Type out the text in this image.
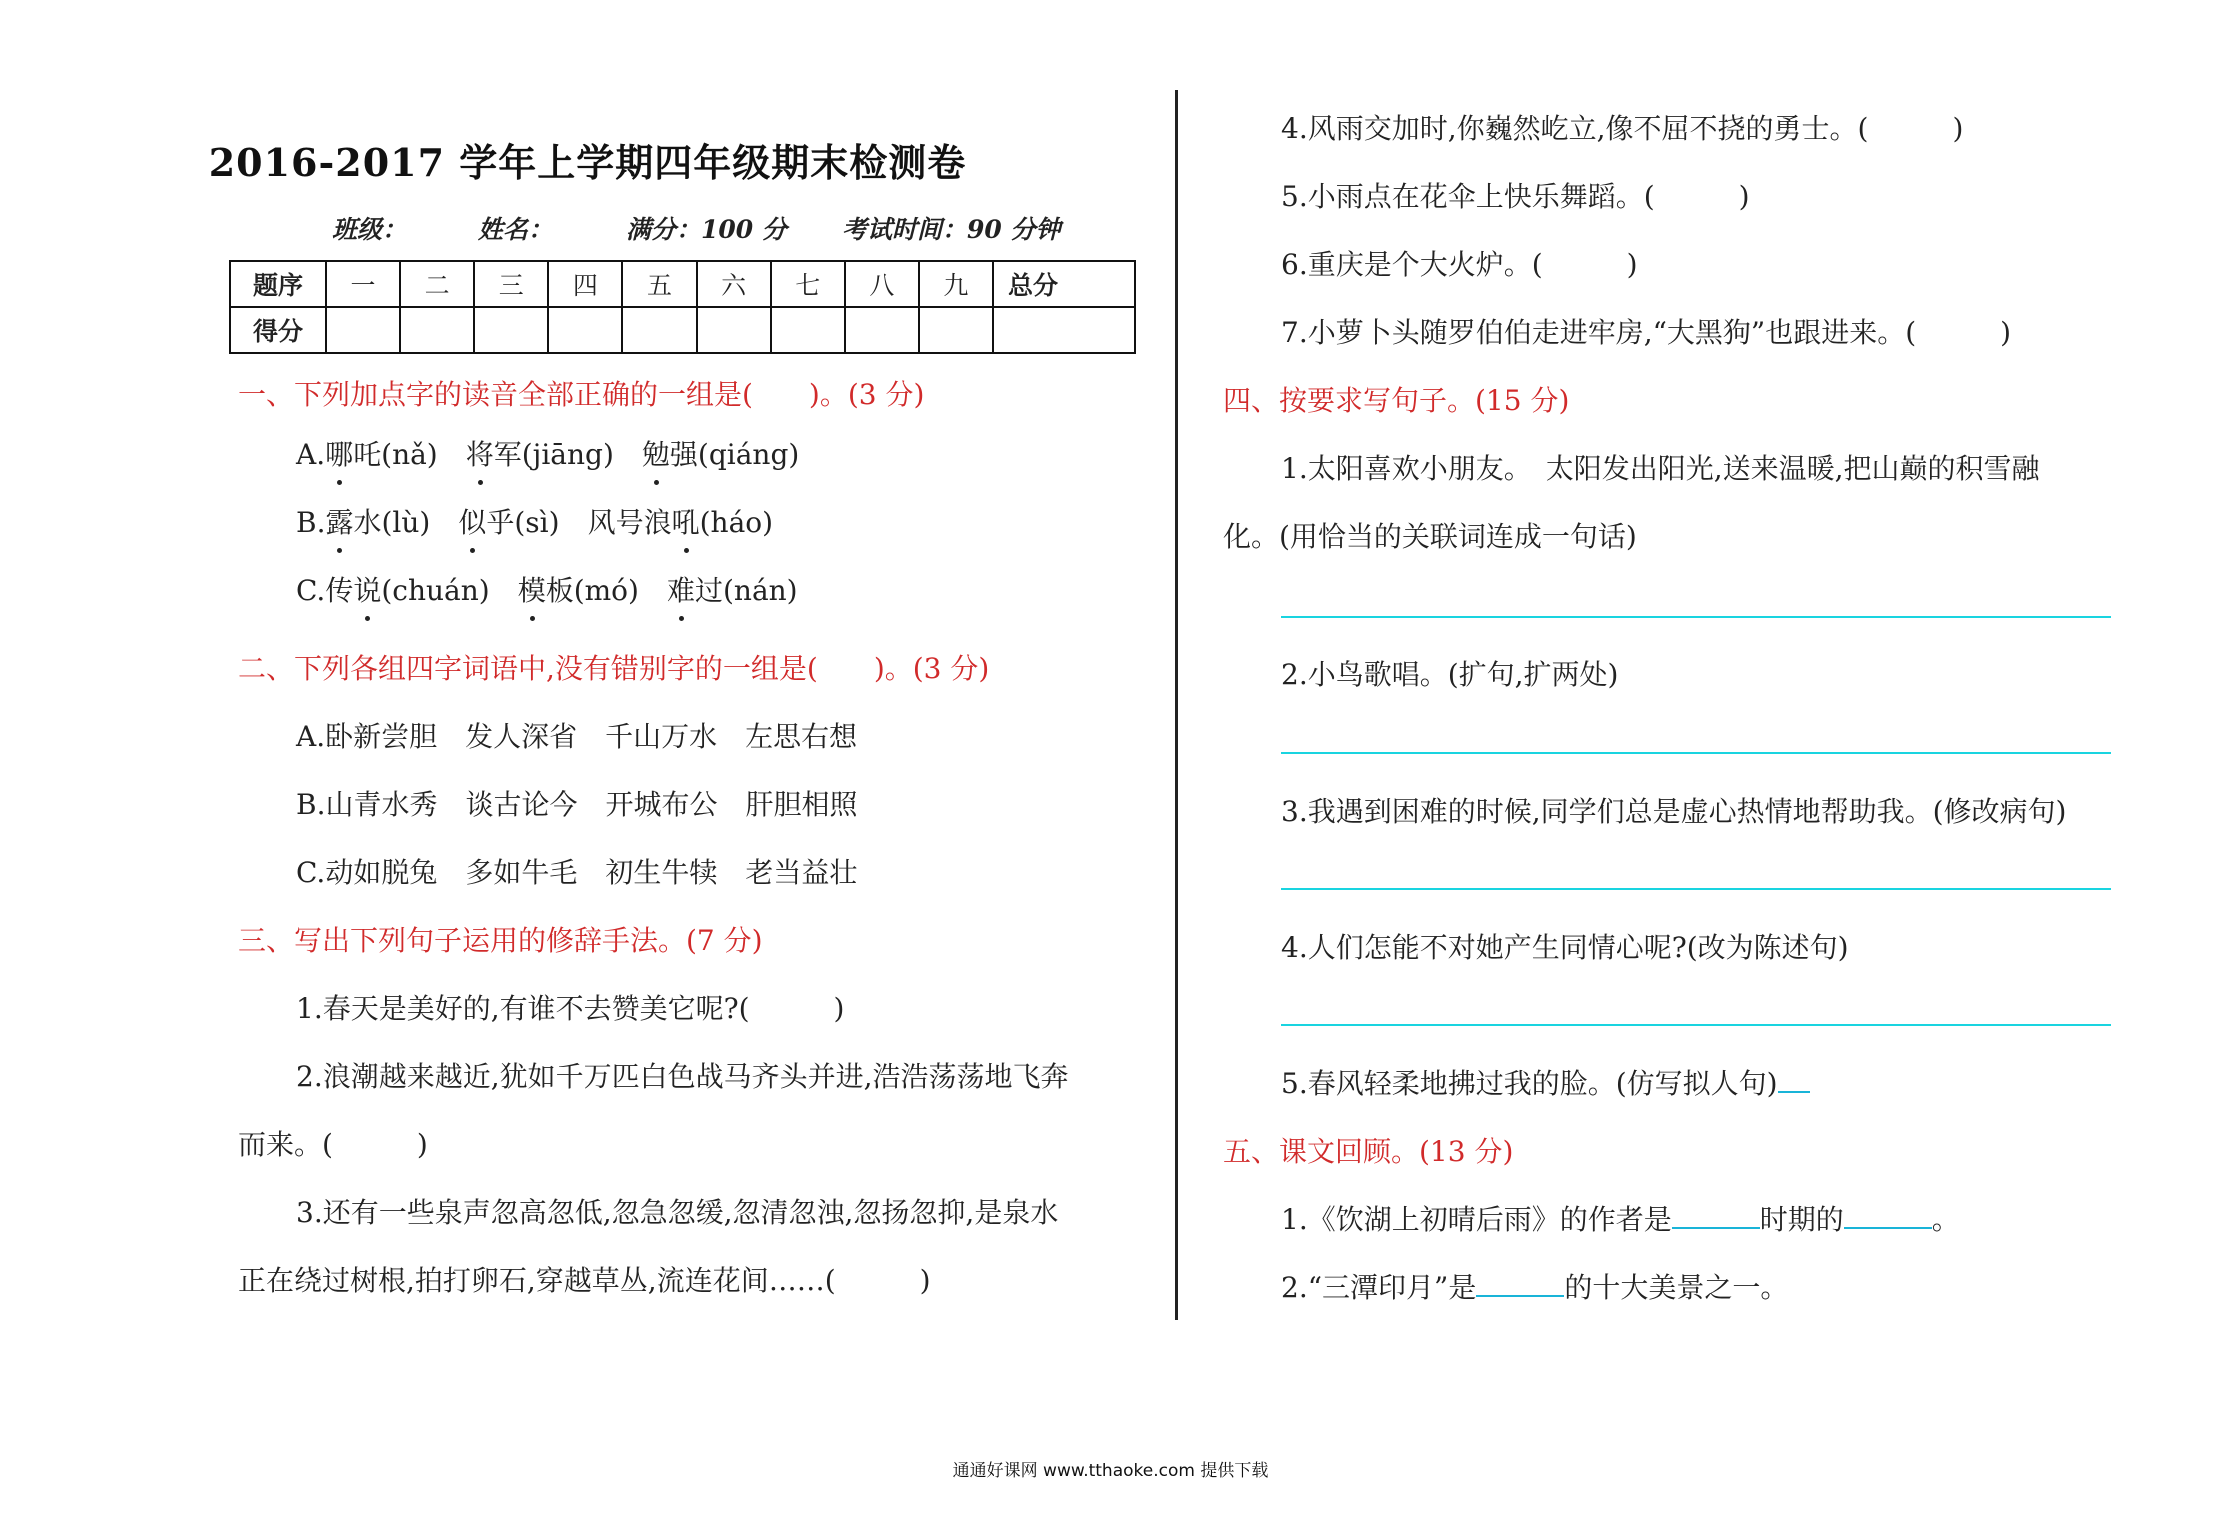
2016-2017 学年上学期四年级期末检测卷
班级：	姓名：	满分：100 分 考试时间：90 分钟
题序	一	二	三	四	五	六	七	八	九	总分
得分										
一、下列加点字的读音全部正确的一组是(　　)。(3 分)
A.哪吒(nǎ)　 将军(jiāng)　 勉强(qiáng)
B.露水(lù)　 似乎(sì)　 风号浪吼(háo)
C.传说(chuán)　 模板(mó)　 难过(nán)
二、下列各组四字词语中,没有错别字的一组是(　　)。(3 分)
A.卧新尝胆　发人深省　千山万水　左思右想
B.山青水秀　谈古论今　开城布公　肝胆相照
C.动如脱兔　多如牛毛　初生牛犊　老当益壮
三、写出下列句子运用的修辞手法。(7 分)
1.春天是美好的,有谁不去赞美它呢?(　　　)
2.浪潮越来越近,犹如千万匹白色战马齐头并进,浩浩荡荡地飞奔
而来。(　　　)
3.还有一些泉声忽高忽低,忽急忽缓,忽清忽浊,忽扬忽抑,是泉水
正在绕过树根,拍打卵石,穿越草丛,流连花间……(　　　)
4.风雨交加时,你巍然屹立,像不屈不挠的勇士。(　　　)
5.小雨点在花伞上快乐舞蹈。(　　　)
6.重庆是个大火炉。(　　　)
7.小萝卜头随罗伯伯走进牢房,“大黑狗”也跟进来。(　　　)
四、按要求写句子。(15 分)
1.太阳喜欢小朋友。　太阳发出阳光,送来温暖,把山巅的积雪融
化。(用恰当的关联词连成一句话)
2.小鸟歌唱。(扩句,扩两处)
3.我遇到困难的时候,同学们总是虚心热情地帮助我。(修改病句)
4.人们怎能不对她产生同情心呢?(改为陈述句)
5.春风轻柔地拂过我的脸。(仿写拟人句)
五、课文回顾。(13 分)
1.《饮湖上初晴后雨》的作者是	时期的	。
2.“三潭印月”是	的十大美景之一。
通通好课网 www.tthaoke.com 提供下载
